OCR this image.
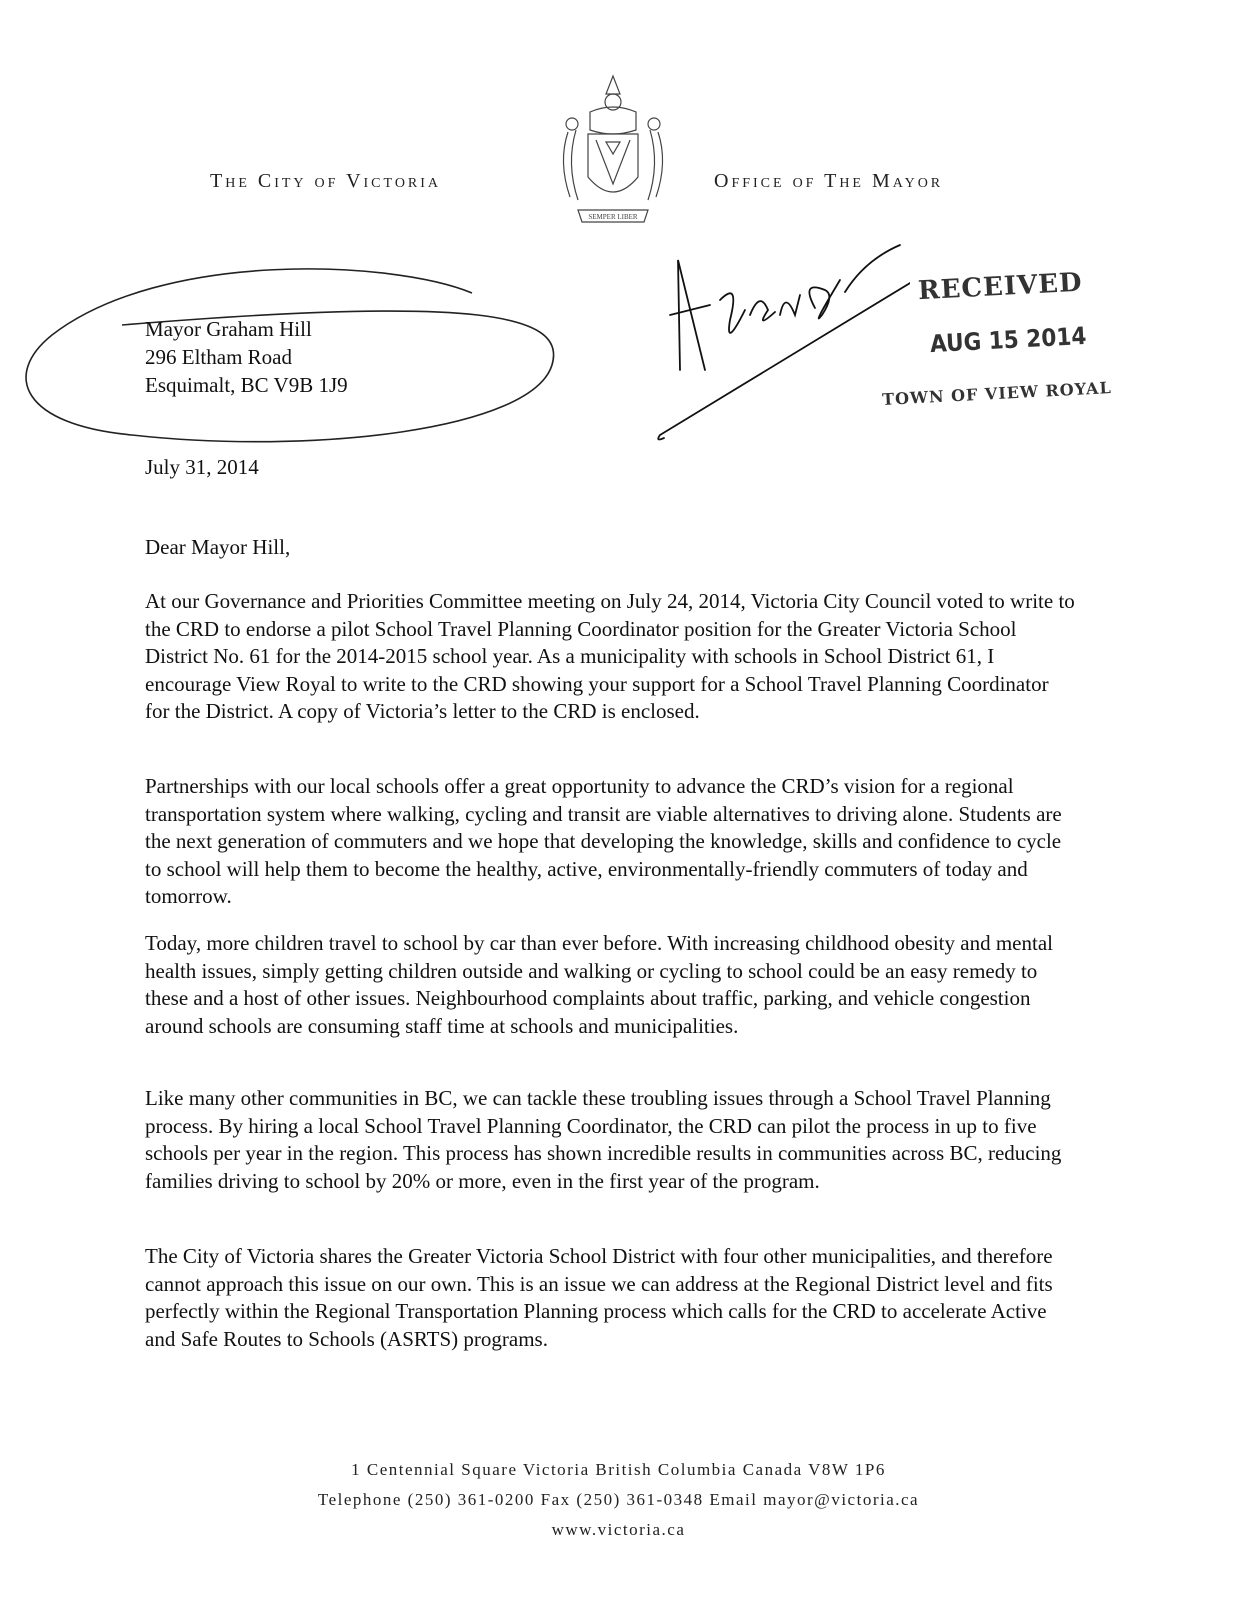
The City of Victoria
SEMPER LIBER
Office of The Mayor
Mayor Graham Hill
296 Eltham Road
Esquimalt, BC V9B 1J9
RECEIVED
AUG 15 2014
TOWN OF VIEW ROYAL
July 31, 2014
Dear Mayor Hill,
At our Governance and Priorities Committee meeting on July 24, 2014, Victoria City Council voted to write to the CRD to endorse a pilot School Travel Planning Coordinator position for the Greater Victoria School District No. 61 for the 2014-2015 school year. As a municipality with schools in School District 61, I encourage View Royal to write to the CRD showing your support for a School Travel Planning Coordinator for the District. A copy of Victoria’s letter to the CRD is enclosed.
Partnerships with our local schools offer a great opportunity to advance the CRD’s vision for a regional transportation system where walking, cycling and transit are viable alternatives to driving alone. Students are the next generation of commuters and we hope that developing the knowledge, skills and confidence to cycle to school will help them to become the healthy, active, environmentally-friendly commuters of today and tomorrow.
Today, more children travel to school by car than ever before. With increasing childhood obesity and mental health issues, simply getting children outside and walking or cycling to school could be an easy remedy to these and a host of other issues. Neighbourhood complaints about traffic, parking, and vehicle congestion around schools are consuming staff time at schools and municipalities.
Like many other communities in BC, we can tackle these troubling issues through a School Travel Planning process. By hiring a local School Travel Planning Coordinator, the CRD can pilot the process in up to five schools per year in the region. This process has shown incredible results in communities across BC, reducing families driving to school by 20% or more, even in the first year of the program.
The City of Victoria shares the Greater Victoria School District with four other municipalities, and therefore cannot approach this issue on our own. This is an issue we can address at the Regional District level and fits perfectly within the Regional Transportation Planning process which calls for the CRD to accelerate Active and Safe Routes to Schools (ASRTS) programs.
1 Centennial Square Victoria British Columbia Canada V8W 1P6
Telephone (250) 361-0200 Fax (250) 361-0348 Email mayor@victoria.ca
www.victoria.ca
